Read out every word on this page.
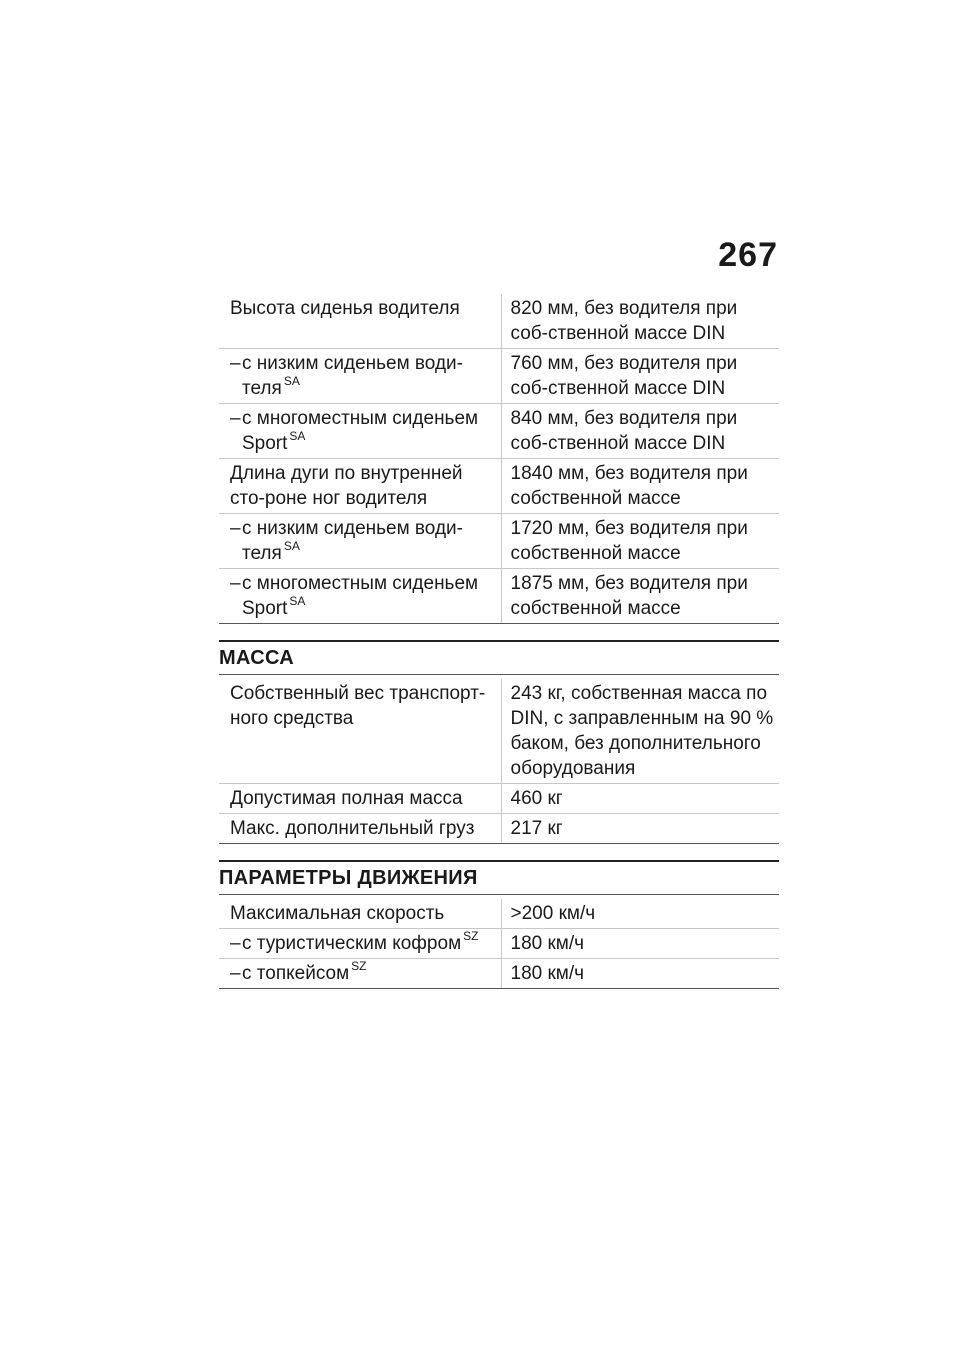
267
Высота сиденья водителя	820 мм, без водителя при соб-ственной массе DIN
–с низким сиденьем води-теля $^{SA}$	760 мм, без водителя при соб-ственной массе DIN
–с многоместным сиденьем Sport $^{SA}$	840 мм, без водителя при соб-ственной массе DIN
Длина дуги по внутренней сто-роне ног водителя	1840 мм, без водителя при собственной массе
–с низким сиденьем води-теля $^{SA}$	1720 мм, без водителя при собственной массе
–с многоместным сиденьем Sport $^{SA}$	1875 мм, без водителя при собственной массе
МАССА
Собственный вес транспорт-ного средства	243 кг, собственная масса по DIN, с заправленным на 90 % баком, без дополнительного оборудования
Допустимая полная масса	460 кг
Макс. дополнительный груз	217 кг
ПАРАМЕТРЫ ДВИЖЕНИЯ
Максимальная скорость	>200 км/ч
–с туристическим кофром $^{SZ}$	180 км/ч
–с топкейсом $^{SZ}$	180 км/ч
